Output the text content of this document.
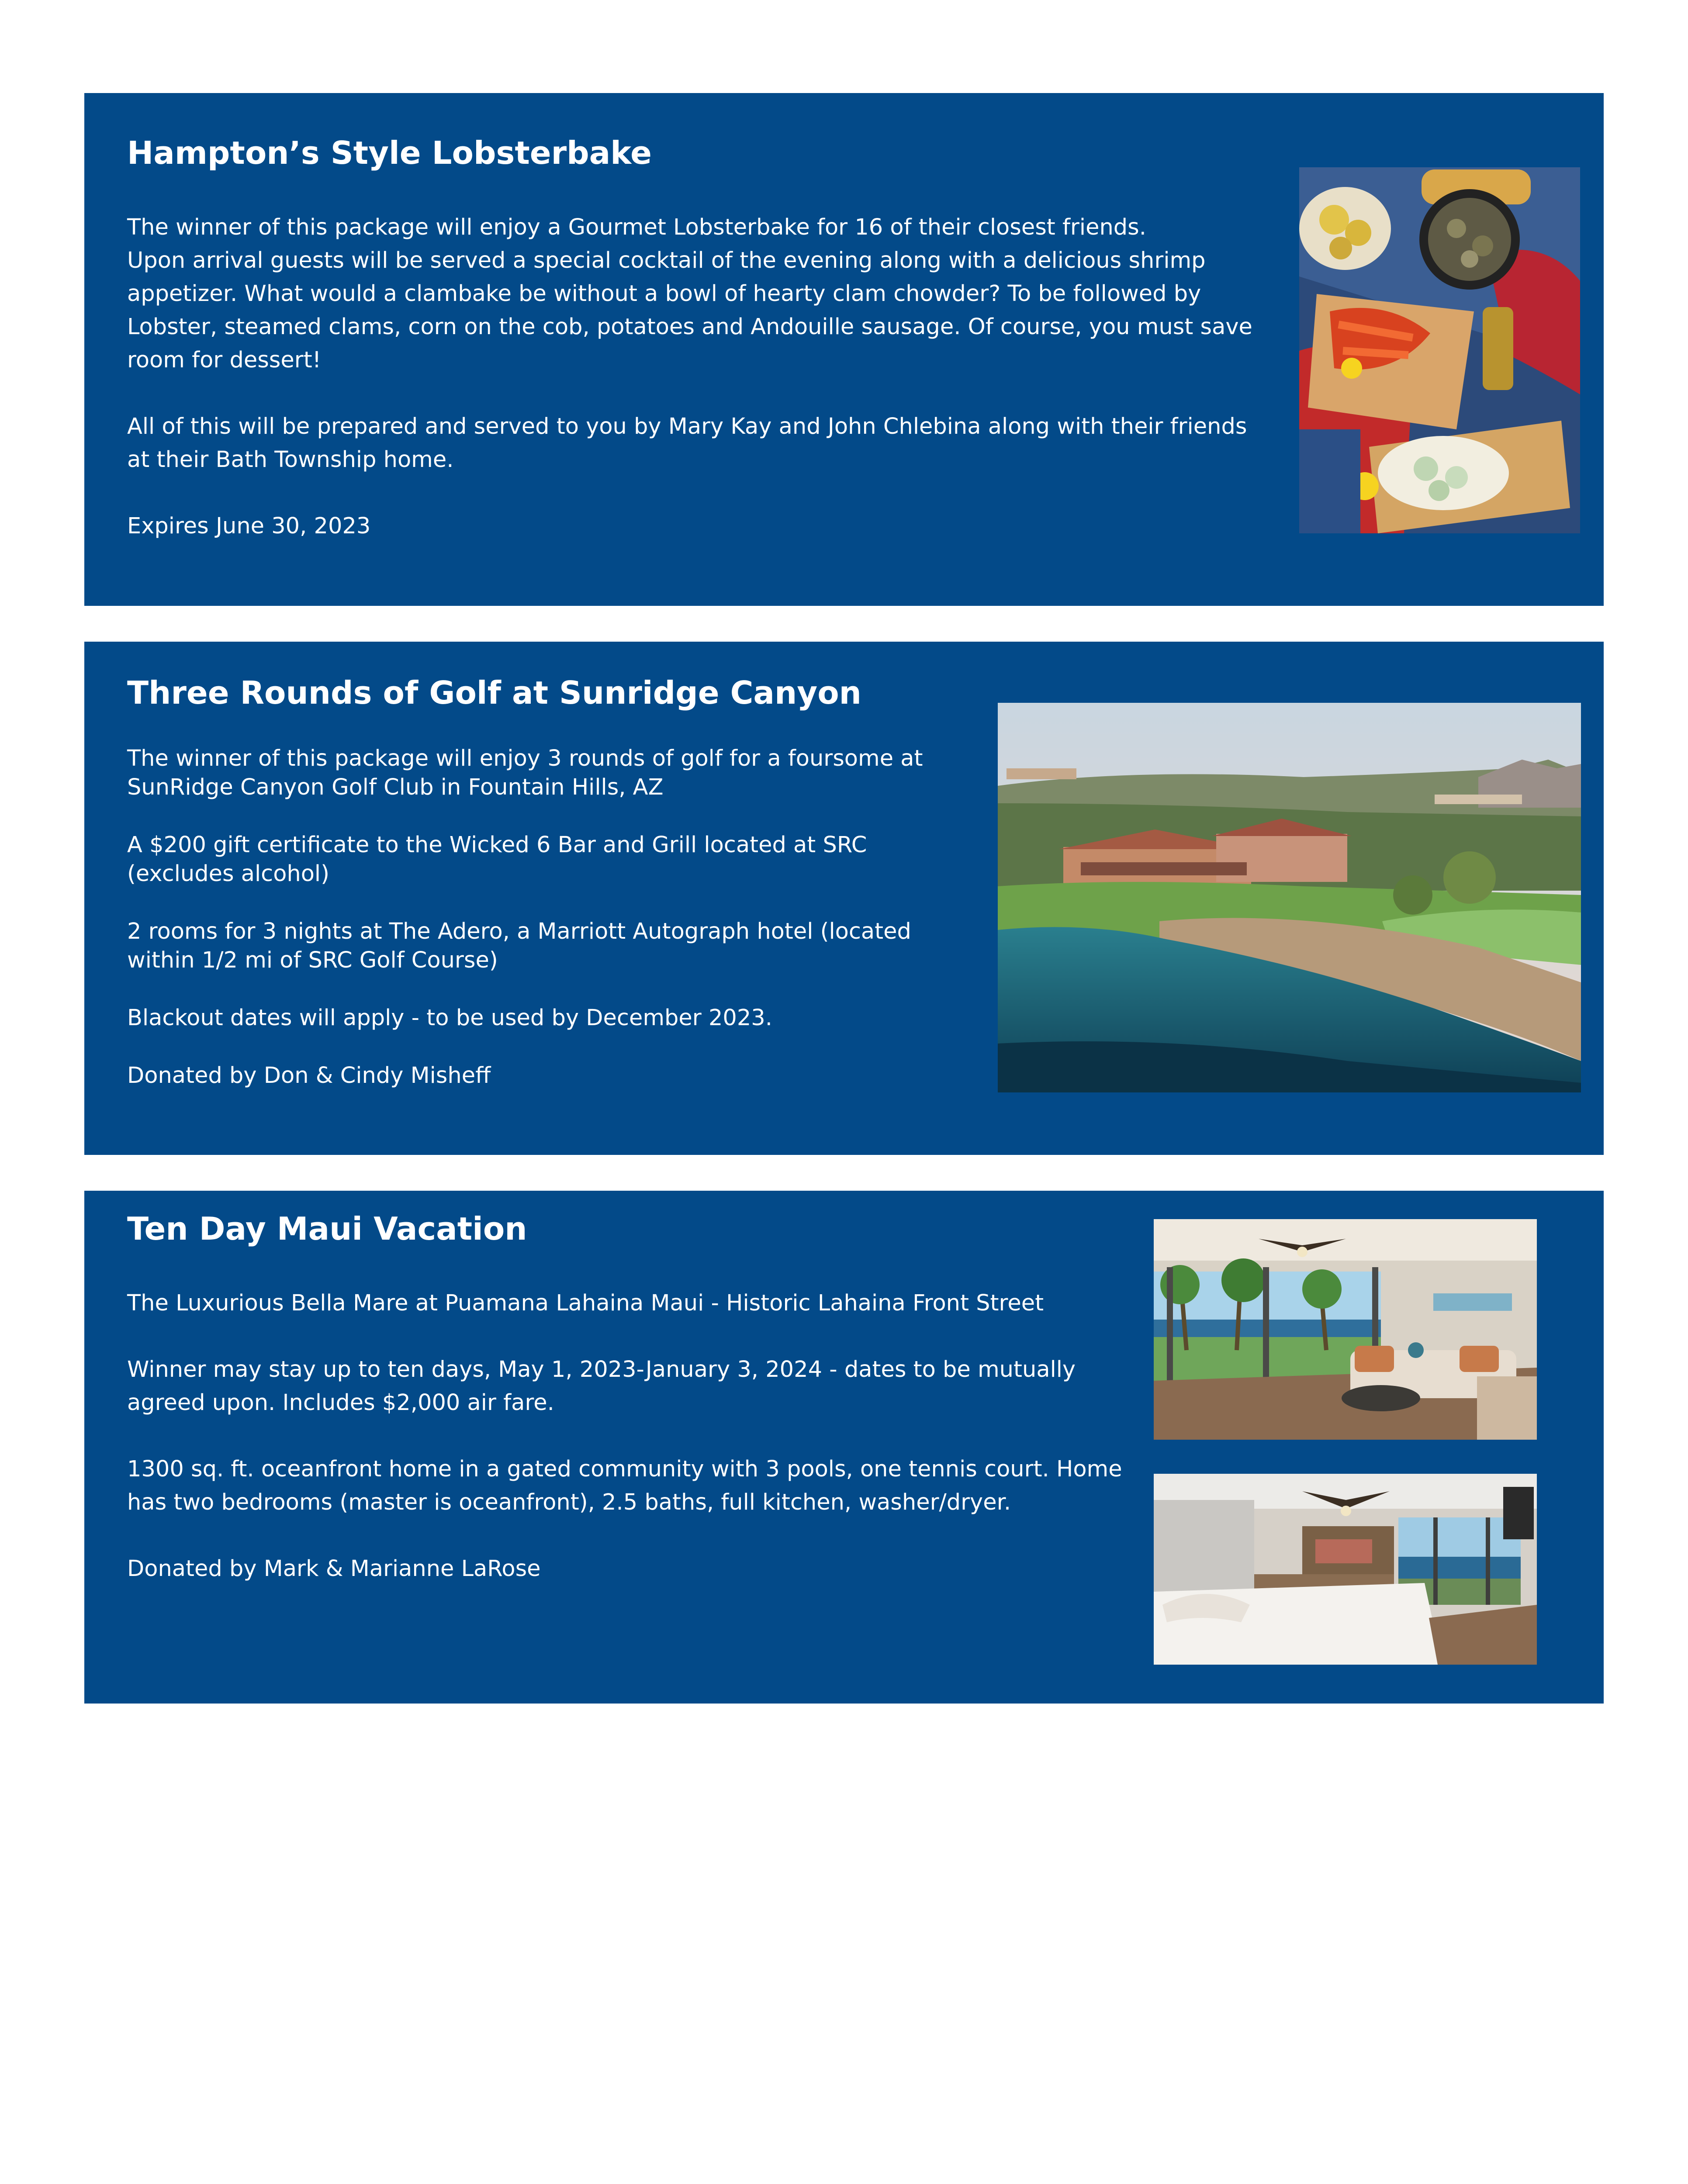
Hampton’s Style Lobsterbake

The winner of this package will enjoy a Gourmet Lobsterbake for 16 of their closest friends.
Upon arrival guests will be served a special cocktail of the evening along with a delicious shrimp appetizer. What would a clambake be without a bowl of hearty clam chowder? To be followed by Lobster, steamed clams, corn on the cob, potatoes and Andouille sausage. Of course, you must save room for dessert!

All of this will be prepared and served to you by Mary Kay and John Chlebina along with their friends at their Bath Township home.

Expires June 30, 2023

Three Rounds of Golf at Sunridge Canyon

The winner of this package will enjoy 3 rounds of golf for a foursome at SunRidge Canyon Golf Club in Fountain Hills, AZ

A $200 gift certificate to the Wicked 6 Bar and Grill located at SRC (excludes alcohol)

2 rooms for 3 nights at The Adero, a Marriott Autograph hotel (located within 1/2 mi of SRC Golf Course)

Blackout dates will apply - to be used by December 2023.

Donated by Don & Cindy Misheff

Ten Day Maui Vacation

The Luxurious Bella Mare at Puamana Lahaina Maui - Historic Lahaina Front Street

Winner may stay up to ten days, May 1, 2023-January 3, 2024 - dates to be mutually agreed upon. Includes $2,000 air fare.

1300 sq. ft. oceanfront home in a gated community with 3 pools, one tennis court. Home has two bedrooms (master is oceanfront), 2.5 baths, full kitchen, washer/dryer.

Donated by Mark & Marianne LaRose
